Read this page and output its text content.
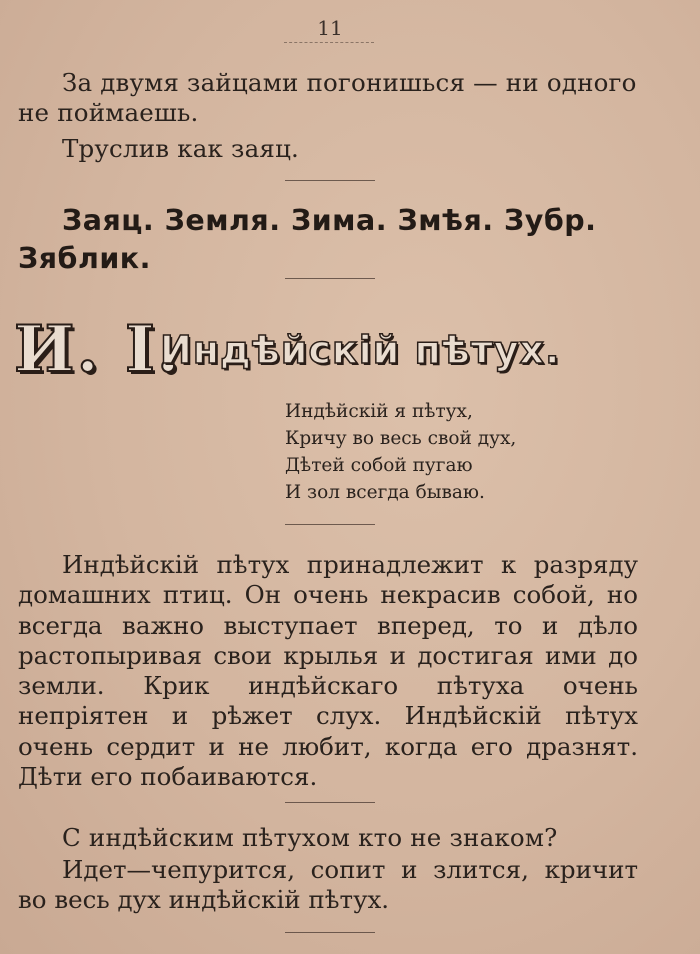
11
За двумя зайцами погонишься — ни одного
не поймаешь.
Труслив как заяц.
Заяц. Земля. Зима. Змѣя. Зубр. Зяблик.
И. І.
Индѣйскій пѣтух.
Индѣйскій я пѣтух,
Кричу во весь свой дух,
Дѣтей собой пугаю
И зол всегда бываю.
Индѣйскій пѣтух принадлежит к разряду домашних птиц. Он очень некрасив собой, но всегда важно выступает вперед, то и дѣло растопыривая свои крылья и достигая ими до земли. Крик индѣйскаго пѣтуха очень непріятен и рѣжет слух. Индѣйскій пѣтух очень сердит и не любит, когда его дразнят. Дѣти его побаиваются.
С индѣйским пѣтухом кто не знаком?
Идет—чепурится, сопит и злится, кричит во весь дух индѣйскій пѣтух.
